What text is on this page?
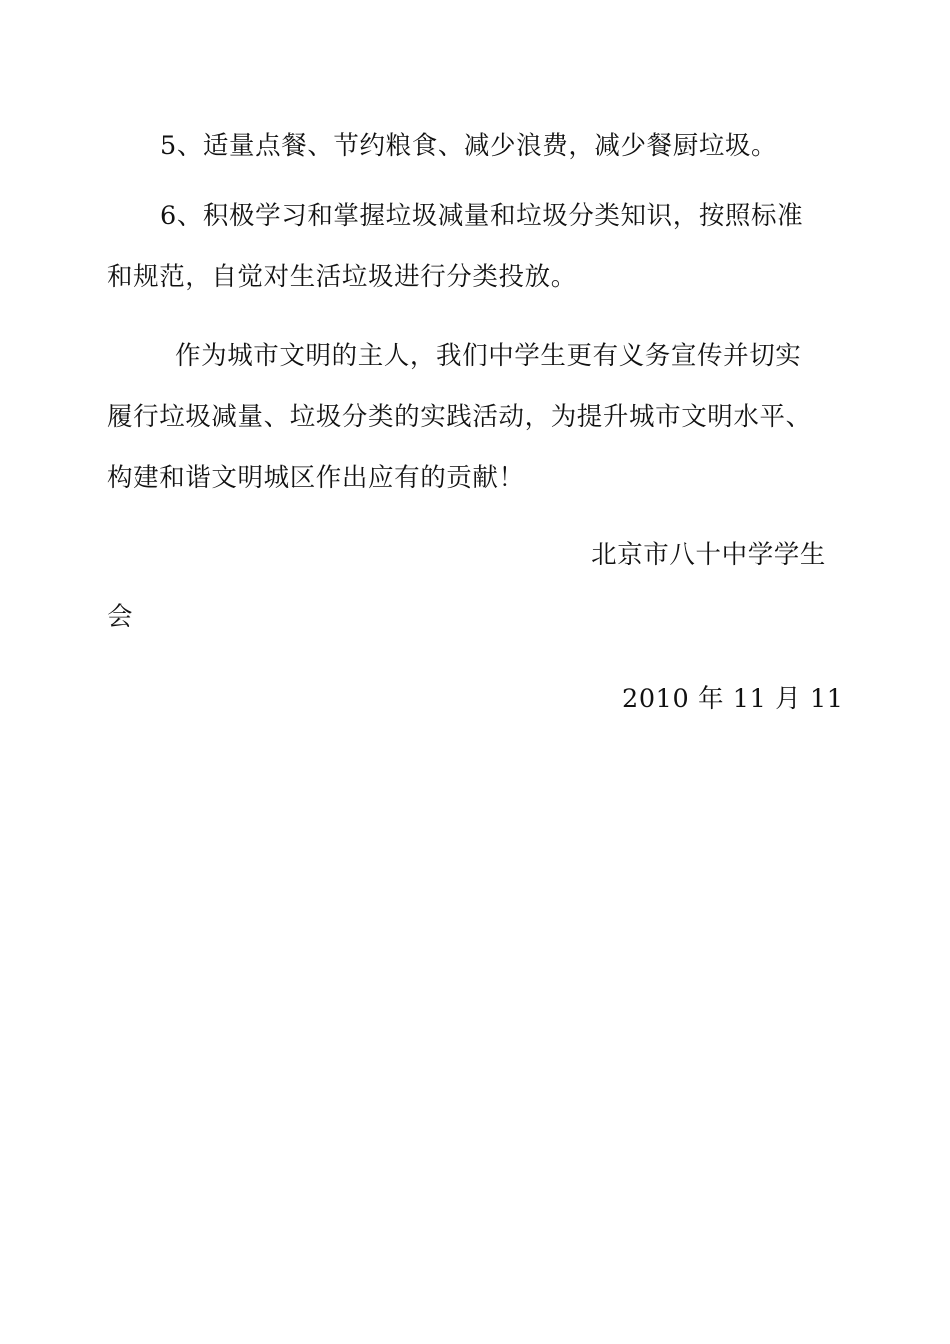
5、适量点餐、节约粮食、减少浪费，减少餐厨垃圾。
6、积极学习和掌握垃圾减量和垃圾分类知识，按照标准
和规范，自觉对生活垃圾进行分类投放。
作为城市文明的主人，我们中学生更有义务宣传并切实
履行垃圾减量、垃圾分类的实践活动，为提升城市文明水平、
构建和谐文明城区作出应有的贡献！
北京市八十中学学生
会
2010 年 11 月 11
